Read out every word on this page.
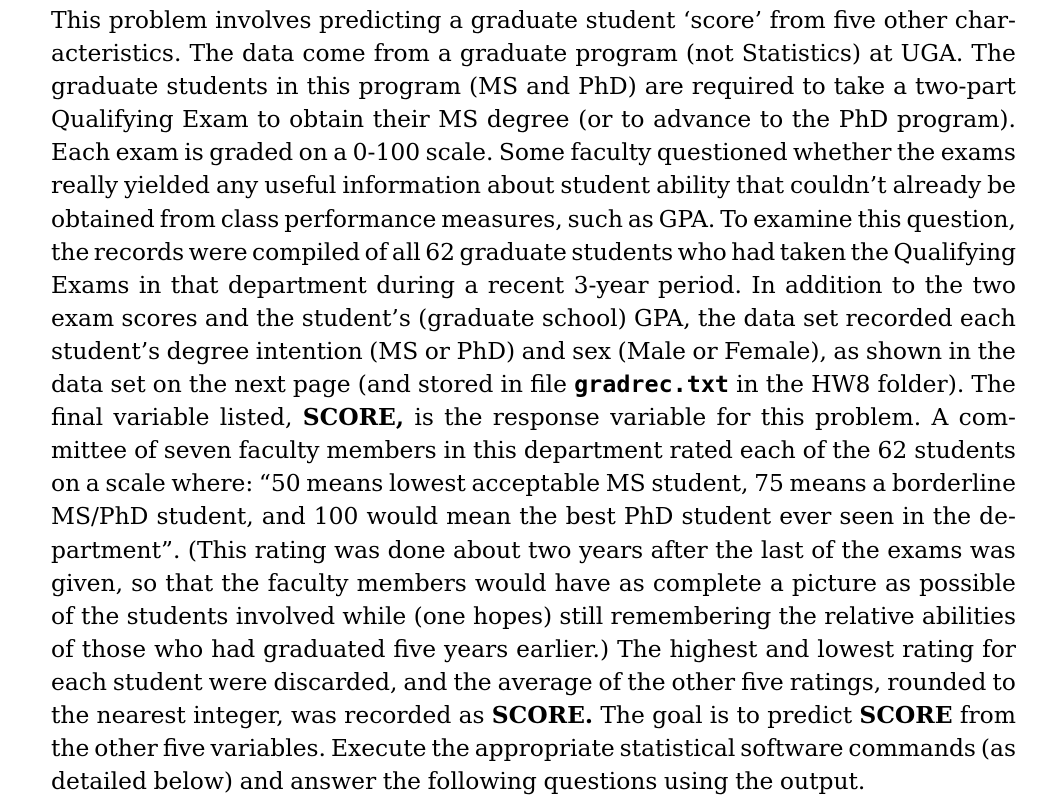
This problem involves predicting a graduate student ‘score’ from five other char-
acteristics. The data come from a graduate program (not Statistics) at UGA. The
graduate students in this program (MS and PhD) are required to take a two-part
Qualifying Exam to obtain their MS degree (or to advance to the PhD program).
Each exam is graded on a 0-100 scale. Some faculty questioned whether the exams
really yielded any useful information about student ability that couldn’t already be
obtained from class performance measures, such as GPA. To examine this question,
the records were compiled of all 62 graduate students who had taken the Qualifying
Exams in that department during a recent 3-year period. In addition to the two
exam scores and the student’s (graduate school) GPA, the data set recorded each
student’s degree intention (MS or PhD) and sex (Male or Female), as shown in the
data set on the next page (and stored in file gradrec.txt in the HW8 folder). The
final variable listed, SCORE, is the response variable for this problem. A com-
mittee of seven faculty members in this department rated each of the 62 students
on a scale where: “50 means lowest acceptable MS student, 75 means a borderline
MS/PhD student, and 100 would mean the best PhD student ever seen in the de-
partment”. (This rating was done about two years after the last of the exams was
given, so that the faculty members would have as complete a picture as possible
of the students involved while (one hopes) still remembering the relative abilities
of those who had graduated five years earlier.) The highest and lowest rating for
each student were discarded, and the average of the other five ratings, rounded to
the nearest integer, was recorded as SCORE. The goal is to predict SCORE from
the other five variables. Execute the appropriate statistical software commands (as
detailed below) and answer the following questions using the output.
